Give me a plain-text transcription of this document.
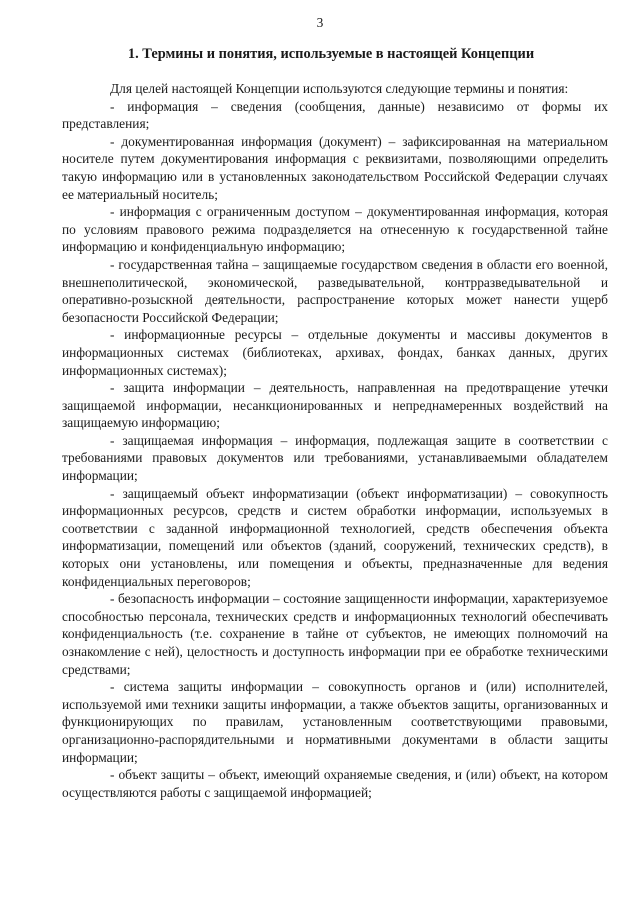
3
1. Термины и понятия, используемые в настоящей Концепции

Для целей настоящей Концепции используются следующие термины и понятия:

- информация – сведения (сообщения, данные) независимо от формы их представления;

- документированная информация (документ) – зафиксированная на материальном носителе путем документирования информация с реквизитами, позволяющими определить такую информацию или в установленных законодательством Российской Федерации случаях ее материальный носитель;

- информация с ограниченным доступом – документированная информация, которая по условиям правового режима подразделяется на отнесенную к государственной тайне информацию и конфиденциальную информацию;

- государственная тайна – защищаемые государством сведения в области его военной, внешнеполитической, экономической, разведывательной, контрразведывательной и оперативно-розыскной деятельности, распространение которых может нанести ущерб безопасности Российской Федерации;

- информационные ресурсы – отдельные документы и массивы документов в информационных системах (библиотеках, архивах, фондах, банках данных, других информационных системах);

- защита информации – деятельность, направленная на предотвращение утечки защищаемой информации, несанкционированных и непреднамеренных воздействий на защищаемую информацию;

- защищаемая информация – информация, подлежащая защите в соответствии с требованиями правовых документов или требованиями, устанавливаемыми обладателем информации;

- защищаемый объект информатизации (объект информатизации) – совокупность информационных ресурсов, средств и систем обработки информации, используемых в соответствии с заданной информационной технологией, средств обеспечения объекта информатизации, помещений или объектов (зданий, сооружений, технических средств), в которых они установлены, или помещения и объекты, предназначенные для ведения конфиденциальных переговоров;

- безопасность информации – состояние защищенности информации, характеризуемое способностью персонала, технических средств и информационных технологий обеспечивать конфиденциальность (т.е. сохранение в тайне от субъектов, не имеющих полномочий на ознакомление с ней), целостность и доступность информации при ее обработке техническими средствами;

- система защиты информации – совокупность органов и (или) исполнителей, используемой ими техники защиты информации, а также объектов защиты, организованных и функционирующих по правилам, установленным соответствующими правовыми, организационно-распорядительными и нормативными документами в области защиты информации;

- объект защиты – объект, имеющий охраняемые сведения, и (или) объект, на котором осуществляются работы с защищаемой информацией;
